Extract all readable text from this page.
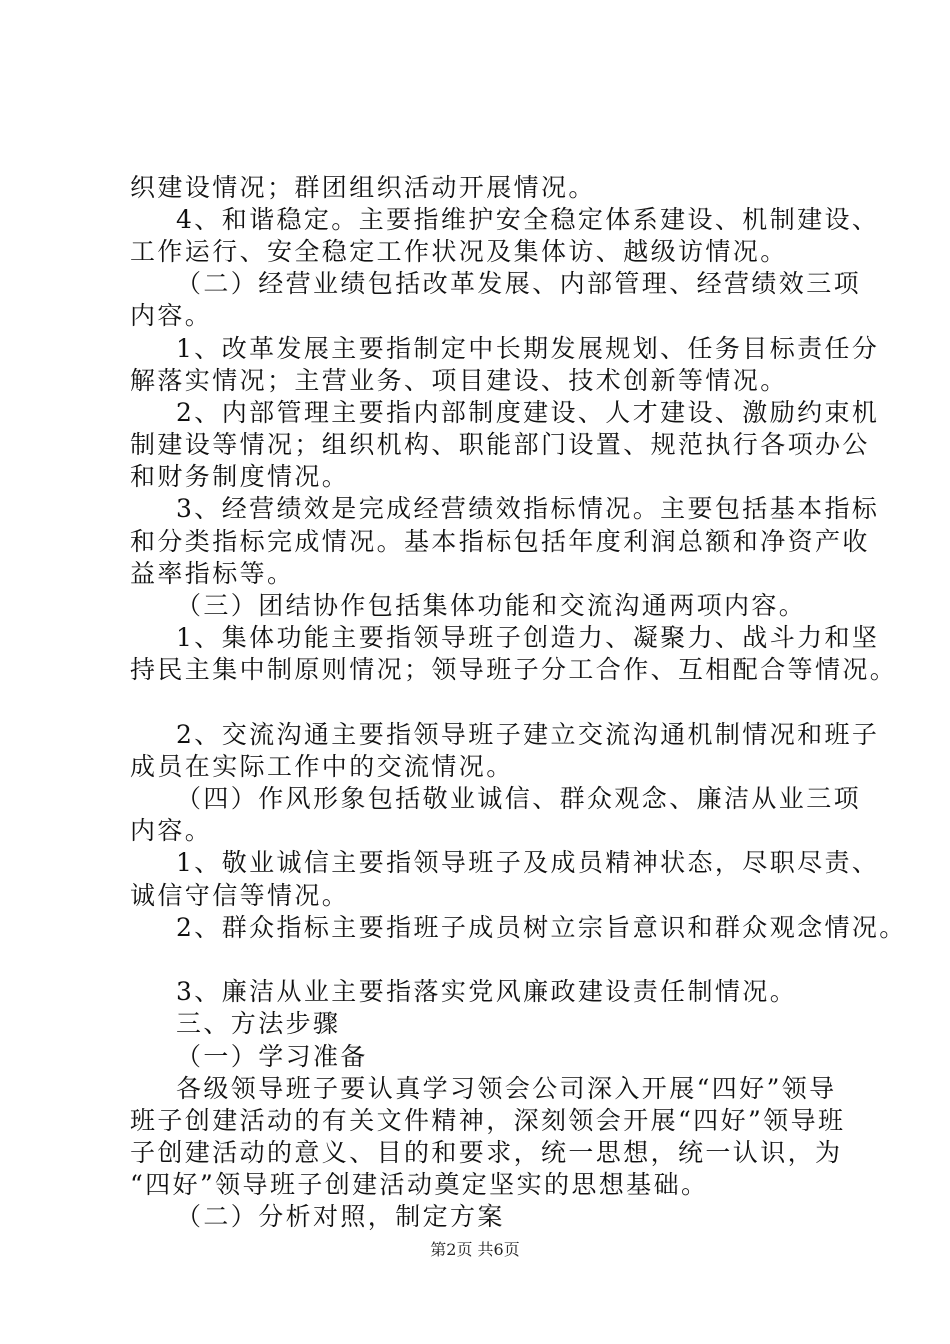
织建设情况；群团组织活动开展情况。
4、和谐稳定。主要指维护安全稳定体系建设、机制建设、
工作运行、安全稳定工作状况及集体访、越级访情况。
（二）经营业绩包括改革发展、内部管理、经营绩效三项
内容。
1、改革发展主要指制定中长期发展规划、任务目标责任分
解落实情况；主营业务、项目建设、技术创新等情况。
2、内部管理主要指内部制度建设、人才建设、激励约束机
制建设等情况；组织机构、职能部门设置、规范执行各项办公
和财务制度情况。
3、经营绩效是完成经营绩效指标情况。主要包括基本指标
和分类指标完成情况。基本指标包括年度利润总额和净资产收
益率指标等。
（三）团结协作包括集体功能和交流沟通两项内容。
1、集体功能主要指领导班子创造力、凝聚力、战斗力和坚
持民主集中制原则情况；领导班子分工合作、互相配合等情况。
2、交流沟通主要指领导班子建立交流沟通机制情况和班子
成员在实际工作中的交流情况。
（四）作风形象包括敬业诚信、群众观念、廉洁从业三项
内容。
1、敬业诚信主要指领导班子及成员精神状态，尽职尽责、
诚信守信等情况。
2、群众指标主要指班子成员树立宗旨意识和群众观念情况。
3、廉洁从业主要指落实党风廉政建设责任制情况。
三、方法步骤
（一）学习准备
各级领导班子要认真学习领会公司深入开展“四好”领导
班子创建活动的有关文件精神，深刻领会开展“四好”领导班
子创建活动的意义、目的和要求，统一思想，统一认识，为
“四好”领导班子创建活动奠定坚实的思想基础。
（二）分析对照，制定方案
第2页 共6页
